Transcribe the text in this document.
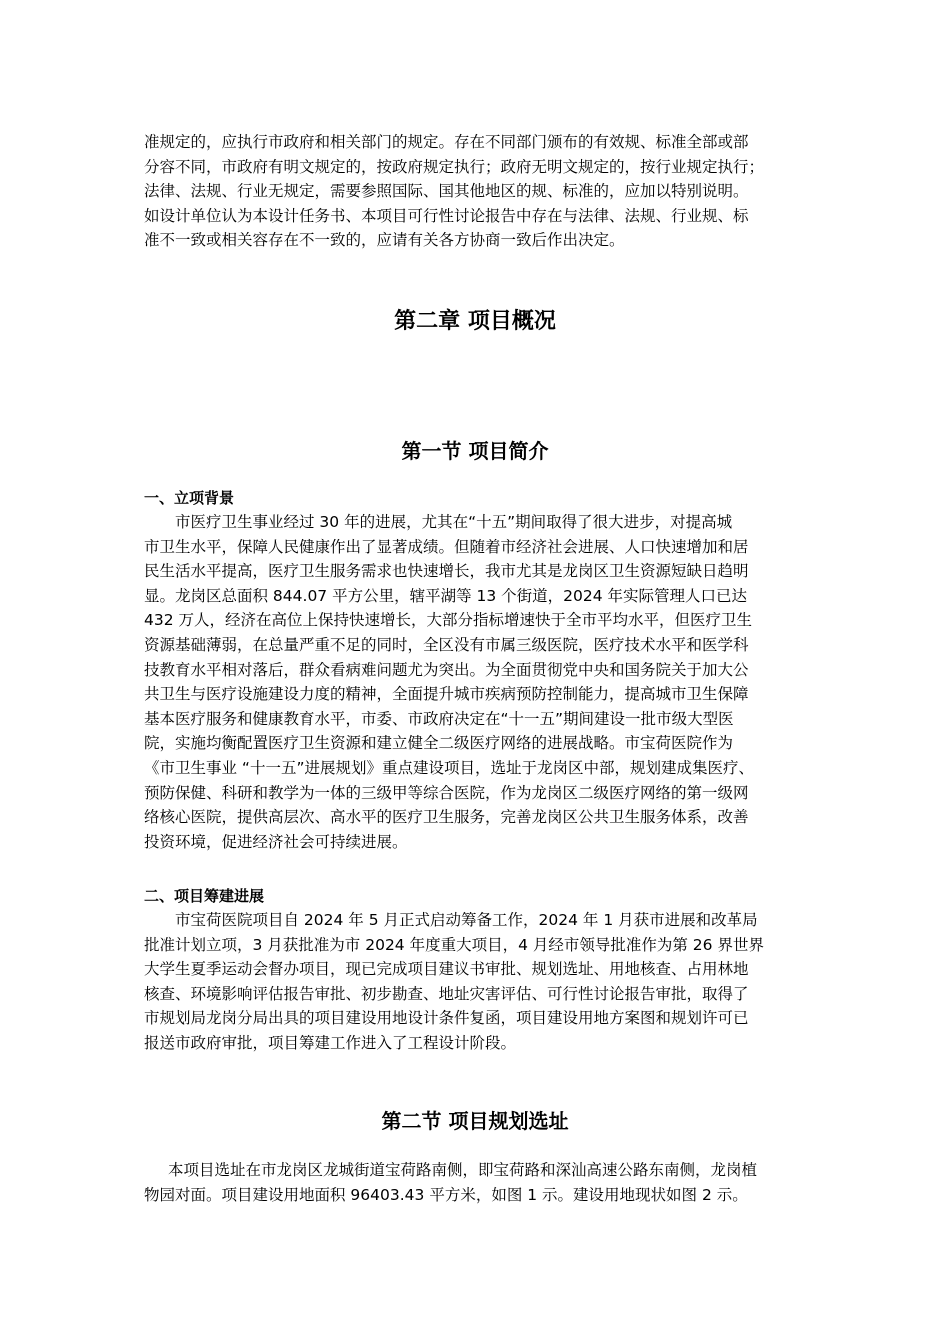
准规定的，应执行市政府和相关部门的规定。存在不同部门颁布的有效规、标准全部或部
分容不同，市政府有明文规定的，按政府规定执行；政府无明文规定的，按行业规定执行；
法律、法规、行业无规定，需要参照国际、国其他地区的规、标准的，应加以特别说明。
如设计单位认为本设计任务书、本项目可行性讨论报告中存在与法律、法规、行业规、标
准不一致或相关容存在不一致的，应请有关各方协商一致后作出决定。
第二章 项目概况
第一节 项目简介
一、立项背景
市医疗卫生事业经过 30 年的进展，尤其在“十五”期间取得了很大进步，对提高城
市卫生水平，保障人民健康作出了显著成绩。但随着市经济社会进展、人口快速增加和居
民生活水平提高，医疗卫生服务需求也快速增长，我市尤其是龙岗区卫生资源短缺日趋明
显。龙岗区总面积 844.07 平方公里，辖平湖等 13 个街道，2024 年实际管理人口已达
432 万人，经济在高位上保持快速增长，大部分指标增速快于全市平均水平，但医疗卫生
资源基础薄弱，在总量严重不足的同时，全区没有市属三级医院，医疗技术水平和医学科
技教育水平相对落后，群众看病难问题尤为突出。为全面贯彻党中央和国务院关于加大公
共卫生与医疗设施建设力度的精神，全面提升城市疾病预防控制能力，提高城市卫生保障
基本医疗服务和健康教育水平，市委、市政府决定在“十一五”期间建设一批市级大型医
院，实施均衡配置医疗卫生资源和建立健全二级医疗网络的进展战略。市宝荷医院作为
《市卫生事业 “十一五”进展规划》重点建设项目，选址于龙岗区中部，规划建成集医疗、
预防保健、科研和教学为一体的三级甲等综合医院，作为龙岗区二级医疗网络的第一级网
络核心医院，提供高层次、高水平的医疗卫生服务，完善龙岗区公共卫生服务体系，改善
投资环境，促进经济社会可持续进展。
二、项目筹建进展
市宝荷医院项目自 2024 年 5 月正式启动筹备工作，2024 年 1 月获市进展和改革局
批准计划立项，3 月获批准为市 2024 年度重大项目，4 月经市领导批准作为第 26 界世界
大学生夏季运动会督办项目，现已完成项目建议书审批、规划选址、用地核查、占用林地
核查、环境影响评估报告审批、初步勘查、地址灾害评估、可行性讨论报告审批，取得了
市规划局龙岗分局出具的项目建设用地设计条件复函，项目建设用地方案图和规划许可已
报送市政府审批，项目筹建工作进入了工程设计阶段。
第二节 项目规划选址
本项目选址在市龙岗区龙城街道宝荷路南侧，即宝荷路和深汕高速公路东南侧，龙岗植
物园对面。项目建设用地面积 96403.43 平方米，如图 1 示。建设用地现状如图 2 示。
